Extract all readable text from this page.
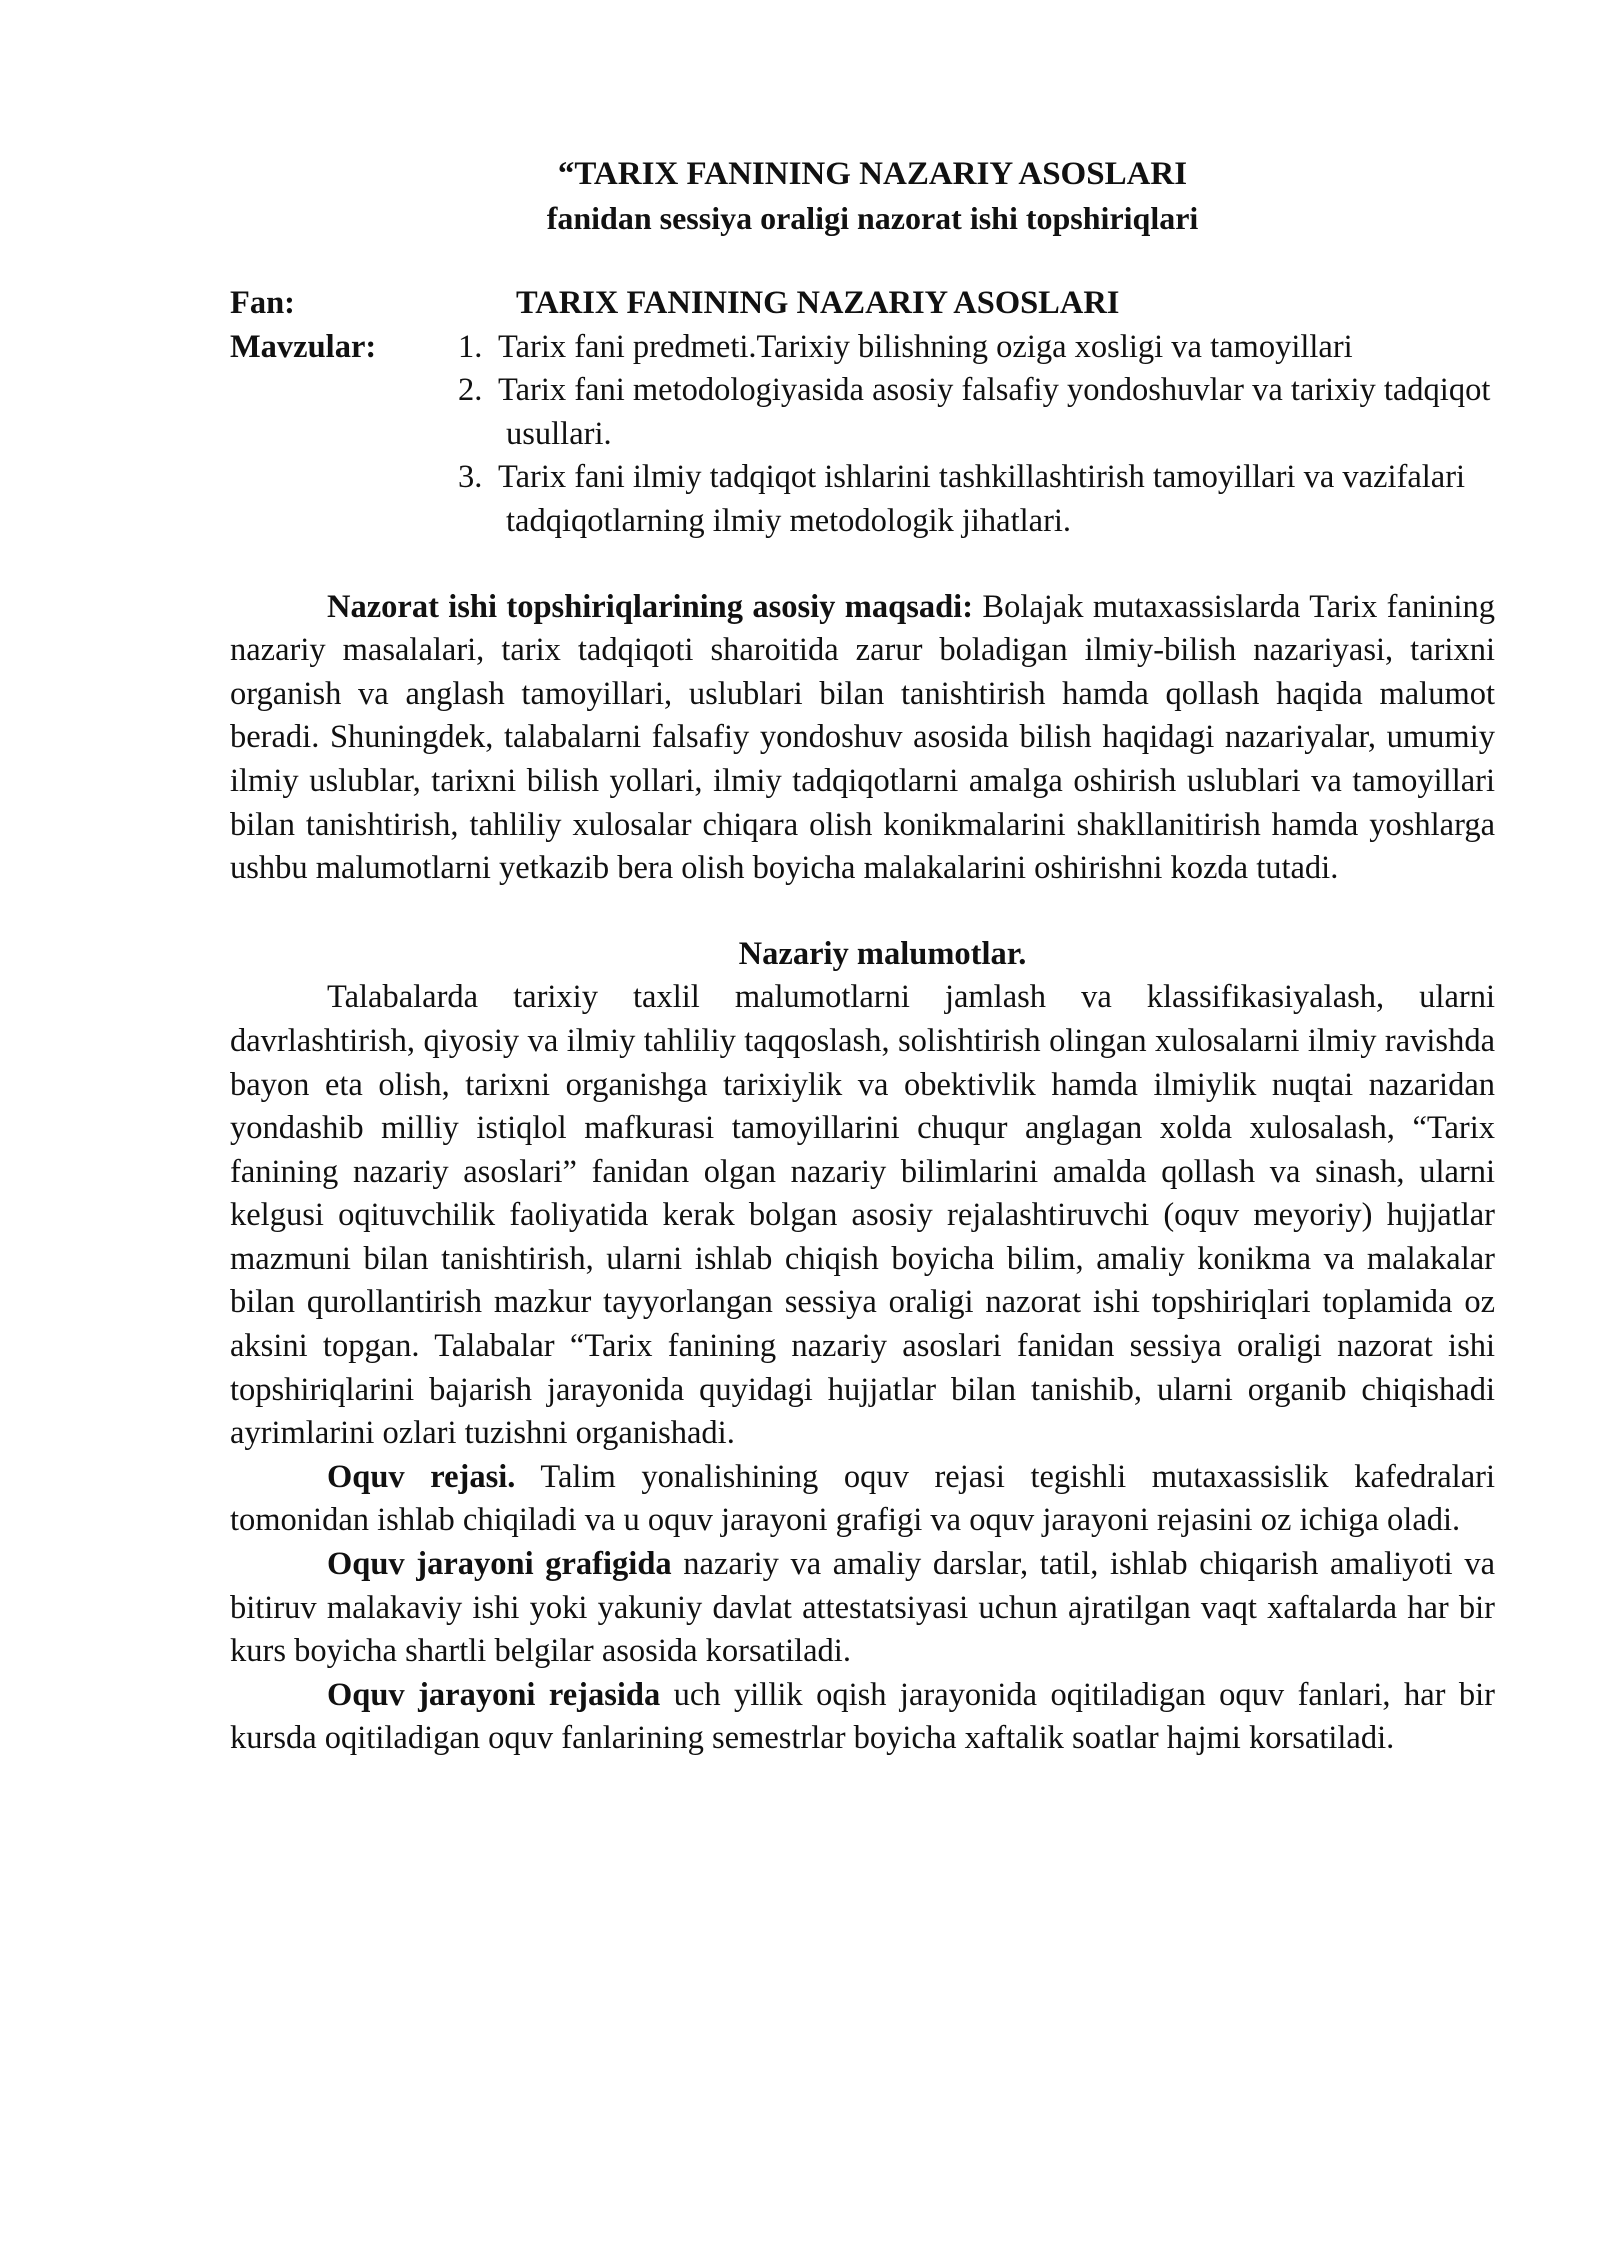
“TARIX FANINING NAZARIY ASOSLARI
fanidan sessiya oraligi nazorat ishi topshiriqlari
Fan:	TARIX FANINING NAZARIY ASOSLARI
Mavzular:	1. Tarix fani predmeti.Tarixiy bilishning oziga xosligi va tamoyillari
2. Tarix fani metodologiyasida asosiy falsafiy yondoshuvlar va tarixiy tadqiqot usullari.
3. Tarix fani ilmiy tadqiqot ishlarini tashkillashtirish tamoyillari va vazifalari tadqiqotlarning ilmiy metodologik jihatlari.

Nazorat ishi topshiriqlarining asosiy maqsadi: Bolajak mutaxassislarda Tarix fanining nazariy masalalari, tarix tadqiqoti sharoitida zarur boladigan ilmiy-bilish nazariyasi, tarixni organish va anglash tamoyillari, uslublari bilan tanishtirish hamda qollash haqida malumot beradi. Shuningdek, talabalarni falsafiy yondoshuv asosida bilish haqidagi nazariyalar, umumiy ilmiy uslublar, tarixni bilish yollari, ilmiy tadqiqotlarni amalga oshirish uslublari va tamoyillari bilan tanishtirish, tahliliy xulosalar chiqara olish konikmalarini shakllanitirish hamda yoshlarga ushbu malumotlarni yetkazib bera olish boyicha malakalarini oshirishni kozda tutadi.

Nazariy malumotlar.

Talabalarda tarixiy taxlil malumotlarni jamlash va klassifikasiyalash, ularni davrlashtirish, qiyosiy va ilmiy tahliliy taqqoslash, solishtirish olingan xulosalarni ilmiy ravishda bayon eta olish, tarixni organishga tarixiylik va obektivlik hamda ilmiylik nuqtai nazaridan yondashib milliy istiqlol mafkurasi tamoyillarini chuqur anglagan xolda xulosalash, “Tarix fanining nazariy asoslari” fanidan olgan nazariy bilimlarini amalda qollash va sinash, ularni kelgusi oqituvchilik faoliyatida kerak bolgan asosiy rejalashtiruvchi (oquv meyoriy) hujjatlar mazmuni bilan tanishtirish, ularni ishlab chiqish boyicha bilim, amaliy konikma va malakalar bilan qurollantirish mazkur tayyorlangan sessiya oraligi nazorat ishi topshiriqlari toplamida oz aksini topgan. Talabalar “Tarix fanining nazariy asoslari fanidan sessiya oraligi nazorat ishi topshiriqlarini bajarish jarayonida quyidagi hujjatlar bilan tanishib, ularni organib chiqishadi ayrimlarini ozlari tuzishni organishadi.

Oquv rejasi. Talim yonalishining oquv rejasi tegishli mutaxassislik kafedralari tomonidan ishlab chiqiladi va u oquv jarayoni grafigi va oquv jarayoni rejasini oz ichiga oladi.

Oquv jarayoni grafigida nazariy va amaliy darslar, tatil, ishlab chiqarish amaliyoti va bitiruv malakaviy ishi yoki yakuniy davlat attestatsiyasi uchun ajratilgan vaqt xaftalarda har bir kurs boyicha shartli belgilar asosida korsatiladi.

Oquv jarayoni rejasida uch yillik oqish jarayonida oqitiladigan oquv fanlari, har bir kursda oqitiladigan oquv fanlarining semestrlar boyicha xaftalik soatlar hajmi korsatiladi.
